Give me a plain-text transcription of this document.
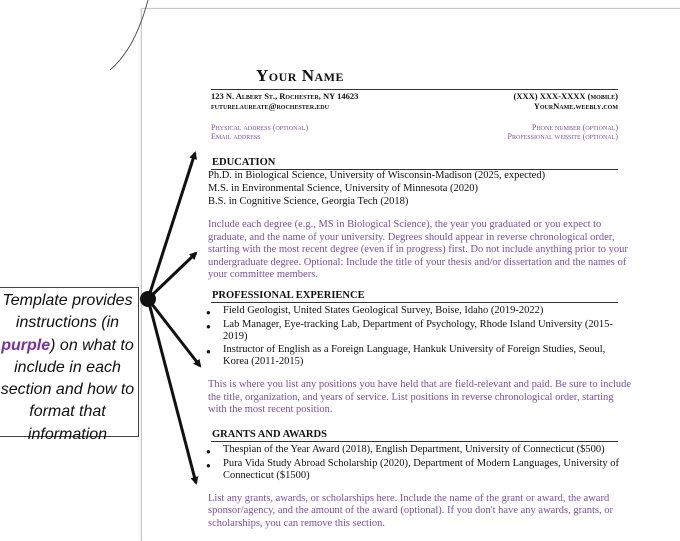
Your Name
123 N. Albert St., Rochester, NY 14623
futurelaureate@rochester.edu
(XXX) XXX-XXXX (mobile)
YourName.weebly.com
Physical address (optional)
Email address
Phone number (optional)
Professional website (optional)
EDUCATION
Ph.D. in Biological Science, University of Wisconsin-Madison (2025, expected)
M.S. in Environmental Science, University of Minnesota (2020)
B.S. in Cognitive Science, Georgia Tech (2018)
Include each degree (e.g., MS in Biological Science), the year you graduated or you expect to
graduate, and the name of your university. Degrees should appear in reverse chronological order,
starting with the most recent degree (even if in progress) first. Do not include anything prior to your
undergraduate degree. Optional: Include the title of your thesis and/or dissertation and the names of
your committee members.
PROFESSIONAL EXPERIENCE
● Field Geologist, United States Geological Survey, Boise, Idaho (2019-2022)
● Lab Manager, Eye-tracking Lab, Department of Psychology, Rhode Island University (2015-
2019)
● Instructor of English as a Foreign Language, Hankuk University of Foreign Studies, Seoul,
Korea (2011-2015)
This is where you list any positions you have held that are field-relevant and paid. Be sure to include
the title, organization, and years of service. List positions in reverse chronological order, starting
with the most recent position.
GRANTS AND AWARDS
● Thespian of the Year Award (2018), English Department, University of Connecticut ($500)
● Pura Vida Study Abroad Scholarship (2020), Department of Modern Languages, University of
Connecticut ($1500)
List any grants, awards, or scholarships here. Include the name of the grant or award, the award
sponsor/agency, and the amount of the award (optional). If you don't have any awards, grants, or
scholarships, you can remove this section.
Template provides instructions (in purple) on what to include in each section and how to format that information
